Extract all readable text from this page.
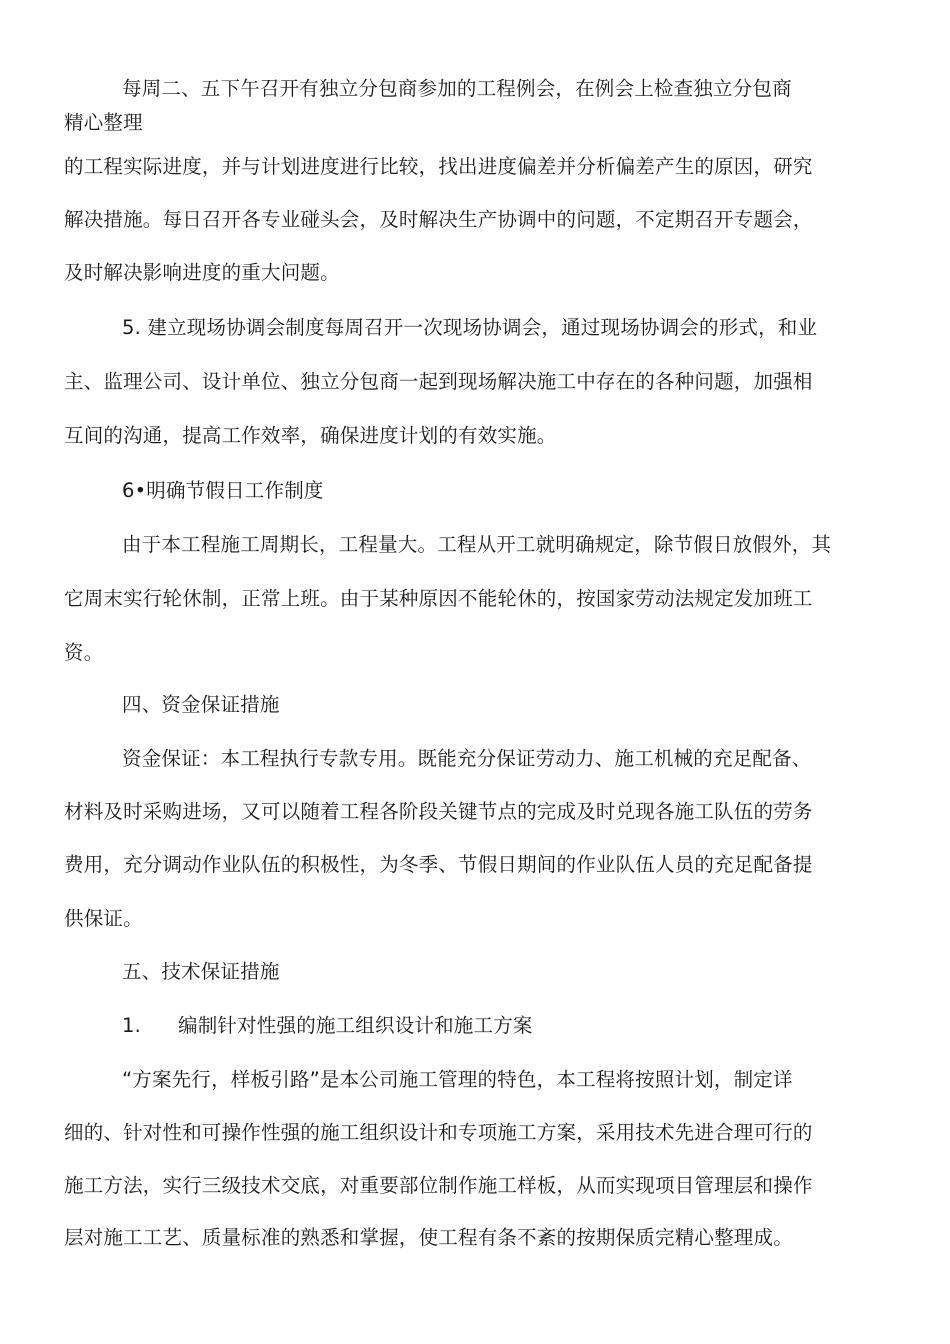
每周二、五下午召开有独立分包商参加的工程例会，在例会上检查独立分包商
精心整理
的工程实际进度，并与计划进度进行比较，找出进度偏差并分析偏差产生的原因，研究
解决措施。每日召开各专业碰头会，及时解决生产协调中的问题，不定期召开专题会，
及时解决影响进度的重大问题。
5. 建立现场协调会制度每周召开一次现场协调会，通过现场协调会的形式，和业
主、监理公司、设计单位、独立分包商一起到现场解决施工中存在的各种问题，加强相
互间的沟通，提高工作效率，确保进度计划的有效实施。
6•明确节假日工作制度
由于本工程施工周期长，工程量大。工程从开工就明确规定，除节假日放假外，其
它周末实行轮休制，正常上班。由于某种原因不能轮休的，按国家劳动法规定发加班工
资。
四、资金保证措施
资金保证：本工程执行专款专用。既能充分保证劳动力、施工机械的充足配备、
材料及时采购进场，又可以随着工程各阶段关键节点的完成及时兑现各施工队伍的劳务
费用，充分调动作业队伍的积极性，为冬季、节假日期间的作业队伍人员的充足配备提
供保证。
五、技术保证措施
1. 编制针对性强的施工组织设计和施工方案
“方案先行，样板引路”是本公司施工管理的特色，本工程将按照计划，制定详
细的、针对性和可操作性强的施工组织设计和专项施工方案，采用技术先进合理可行的
施工方法，实行三级技术交底，对重要部位制作施工样板，从而实现项目管理层和操作
层对施工工艺、质量标准的熟悉和掌握，使工程有条不紊的按期保质完精心整理成。
